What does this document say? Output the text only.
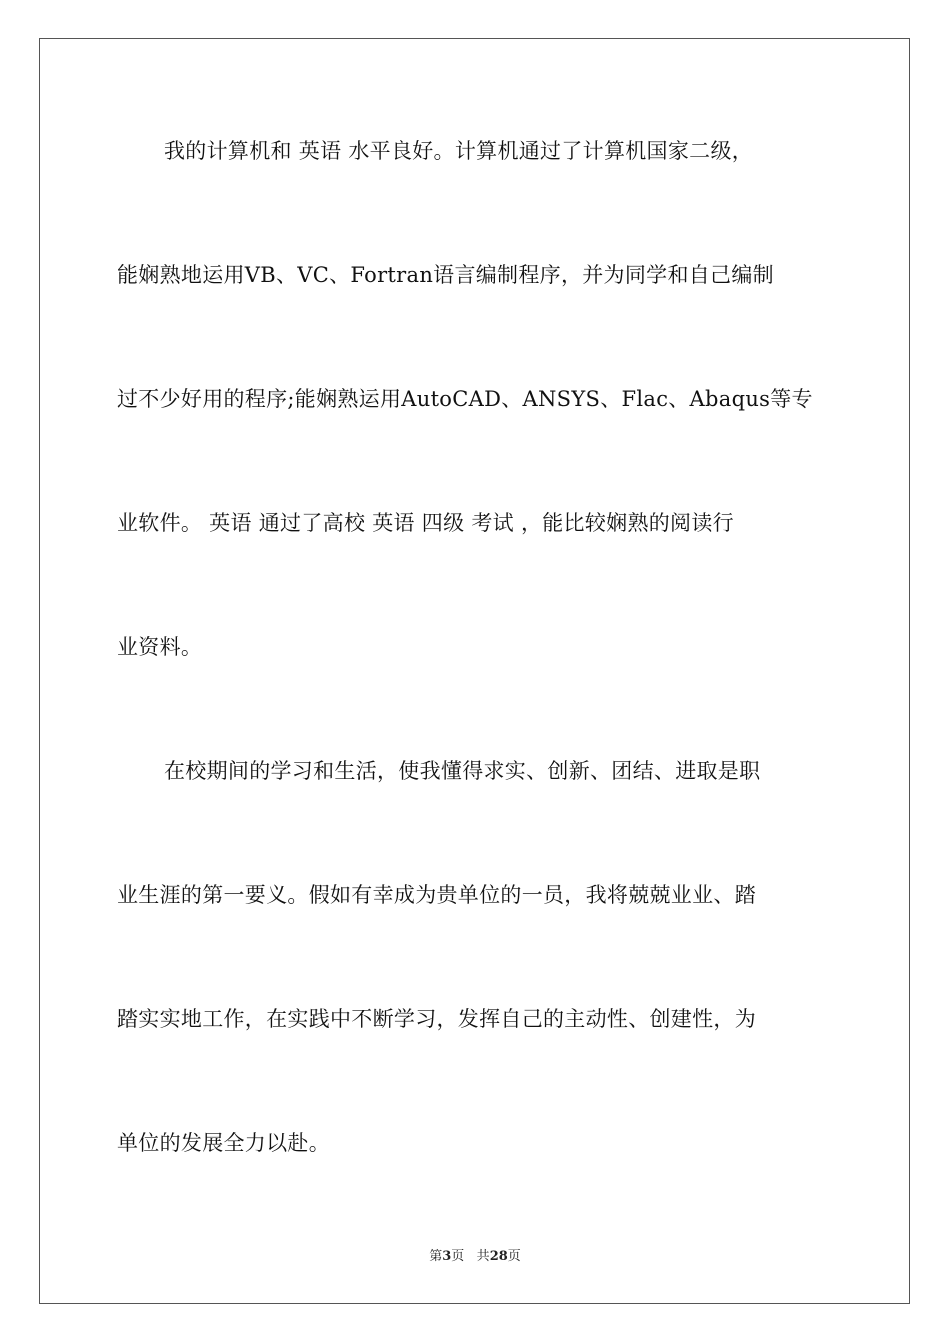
我的计算机和 英语 水平良好。计算机通过了计算机国家二级，
能娴熟地运用VB、VC、Fortran语言编制程序，并为同学和自己编制
过不少好用的程序;能娴熟运用AutoCAD、ANSYS、Flac、Abaqus等专
业软件。 英语 通过了高校 英语 四级 考试 ，能比较娴熟的阅读行
业资料。
在校期间的学习和生活，使我懂得求实、创新、团结、进取是职
业生涯的第一要义。假如有幸成为贵单位的一员，我将兢兢业业、踏
踏实实地工作，在实践中不断学习，发挥自己的主动性、创建性，为
单位的发展全力以赴。
第3页 共28页
